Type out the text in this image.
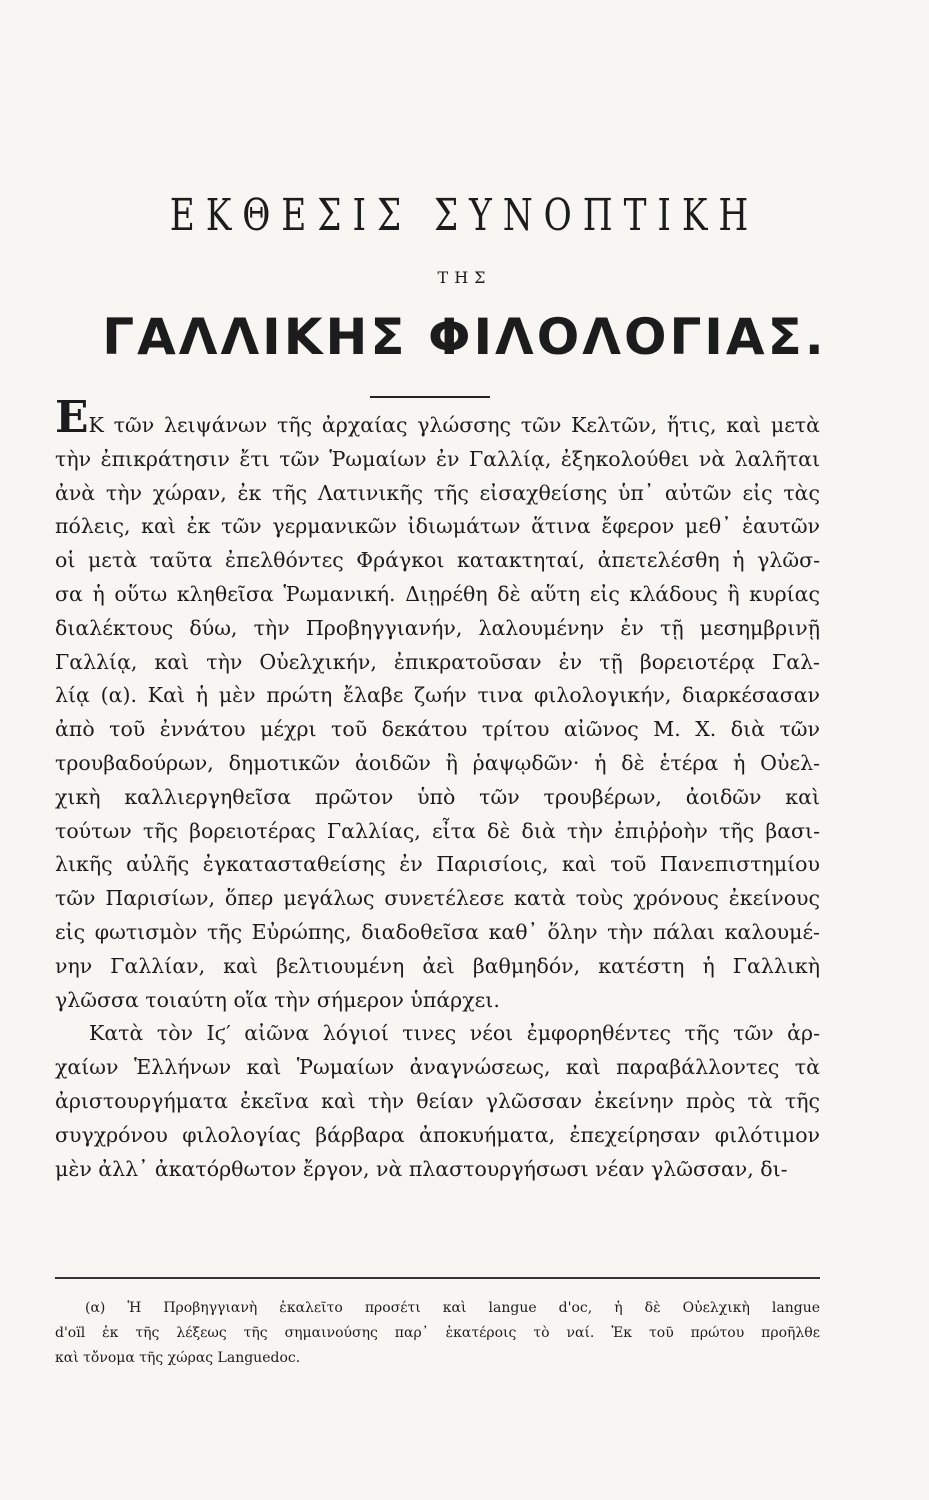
ΕΚΘΕΣΙΣ ΣΥΝΟΠΤΙΚΗ
ΤΗΣ
ΓΑΛΛΙΚΗΣ ΦΙΛΟΛΟΓΙΑΣ.

ΕΚ τῶν λειψάνων τῆς ἀρχαίας γλώσσης τῶν Κελτῶν, ἥτις, καὶ μετὰ
τὴν ἐπικράτησιν ἔτι τῶν Ῥωμαίων ἐν Γαλλίᾳ, ἐξηκολούθει νὰ λαλῆται
ἀνὰ τὴν χώραν, ἐκ τῆς Λατινικῆς τῆς εἰσαχθείσης ὑπ᾽ αὐτῶν εἰς τὰς
πόλεις, καὶ ἐκ τῶν γερμανικῶν ἰδιωμάτων ἅτινα ἔφερον μεθ᾽ ἑαυτῶν
οἱ μετὰ ταῦτα ἐπελθόντες Φράγκοι κατακτηταί, ἀπετελέσθη ἡ γλῶσ-
σα ἡ οὕτω κληθεῖσα Ῥωμανική. Διῃρέθη δὲ αὕτη εἰς κλάδους ἢ κυρίας
διαλέκτους δύω, τὴν Προβηγγιανήν, λαλουμένην ἐν τῇ μεσημβρινῇ
Γαλλίᾳ, καὶ τὴν Οὐελχικήν, ἐπικρατοῦσαν ἐν τῇ βορειοτέρᾳ Γαλ-
λίᾳ (α). Καὶ ἡ μὲν πρώτη ἔλαβε ζωήν τινα φιλολογικήν, διαρκέσασαν
ἀπὸ τοῦ ἐννάτου μέχρι τοῦ δεκάτου τρίτου αἰῶνος Μ. Χ. διὰ τῶν
τρουβαδούρων, δημοτικῶν ἀοιδῶν ἢ ῥαψῳδῶν· ἡ δὲ ἑτέρα ἡ Οὐελ-
χικὴ καλλιεργηθεῖσα πρῶτον ὑπὸ τῶν τρουβέρων, ἀοιδῶν καὶ
τούτων τῆς βορειοτέρας Γαλλίας, εἶτα δὲ διὰ τὴν ἐπιῤῥοὴν τῆς βασι-
λικῆς αὐλῆς ἐγκατασταθείσης ἐν Παρισίοις, καὶ τοῦ Πανεπιστημίου
τῶν Παρισίων, ὅπερ μεγάλως συνετέλεσε κατὰ τοὺς χρόνους ἐκείνους
εἰς φωτισμὸν τῆς Εὐρώπης, διαδοθεῖσα καθ᾽ ὅλην τὴν πάλαι καλουμέ-
νην Γαλλίαν, καὶ βελτιουμένη ἀεὶ βαθμηδόν, κατέστη ἡ Γαλλικὴ
γλῶσσα τοιαύτη οἵα τὴν σήμερον ὑπάρχει.

Κατὰ τὸν Ιϛ′ αἰῶνα λόγιοί τινες νέοι ἐμφορηθέντες τῆς τῶν ἀρ-
χαίων Ἑλλήνων καὶ Ῥωμαίων ἀναγνώσεως, καὶ παραβάλλοντες τὰ
ἀριστουργήματα ἐκεῖνα καὶ τὴν θείαν γλῶσσαν ἐκείνην πρὸς τὰ τῆς
συγχρόνου φιλολογίας βάρβαρα ἀποκυήματα, ἐπεχείρησαν φιλότιμον
μὲν ἀλλ᾽ ἀκατόρθωτον ἔργον, νὰ πλαστουργήσωσι νέαν γλῶσσαν, δι-

(α) Ἡ Προβηγγιανὴ ἐκαλεῖτο προσέτι καὶ langue d'oc, ἡ δὲ Οὐελχικὴ langue
d'oïl ἐκ τῆς λέξεως τῆς σημαινούσης παρ᾽ ἑκατέροις τὸ ναί. Ἐκ τοῦ πρώτου προῆλθε
καὶ τὄνομα τῆς χώρας Languedoc.
